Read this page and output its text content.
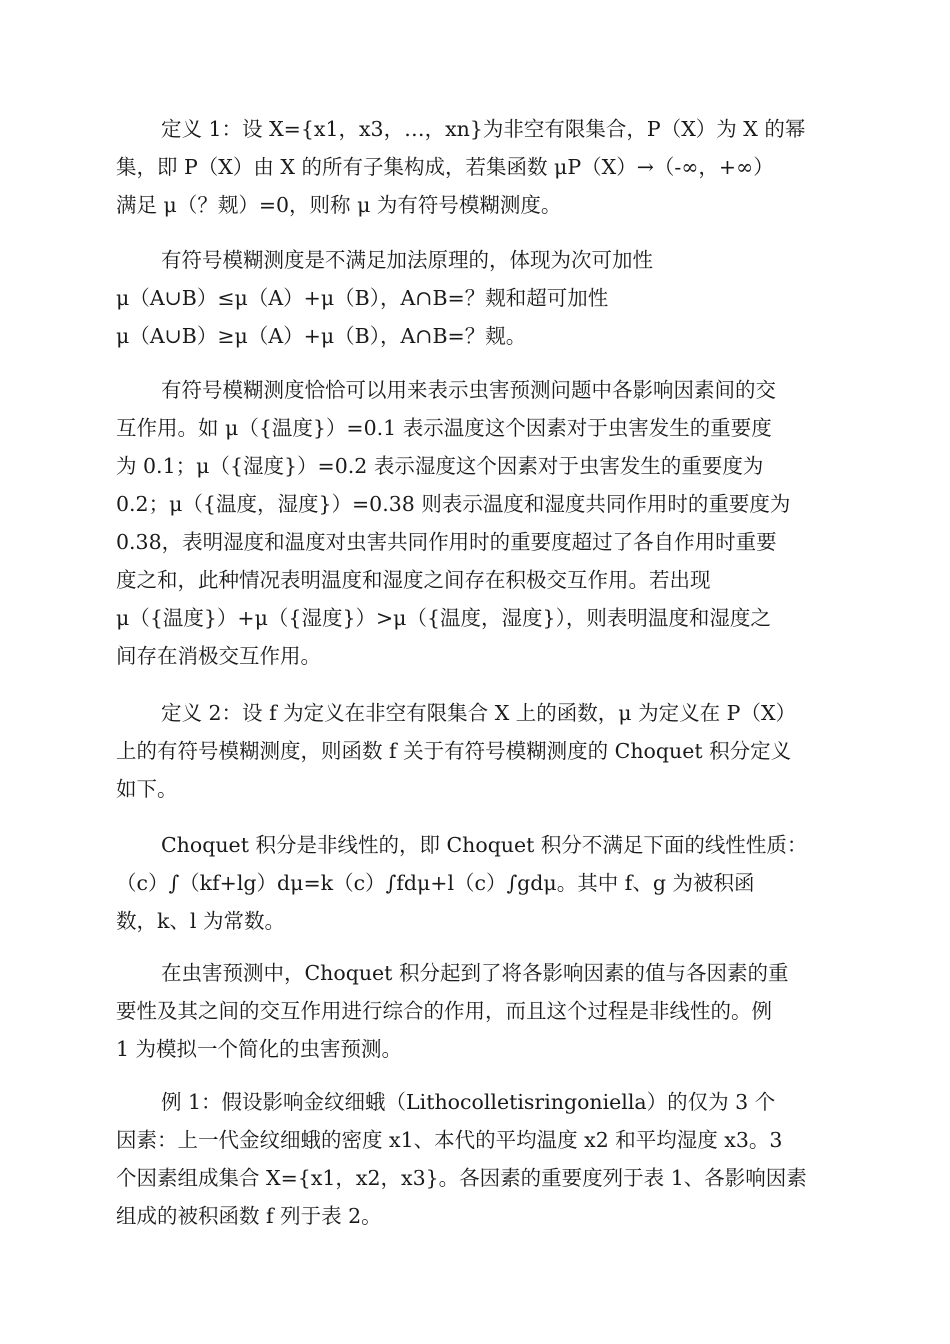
定义 1：设 X={x1，x3，…，xn}为非空有限集合，P（X）为 X 的幂
集，即 P（X）由 X 的所有子集构成，若集函数 μP（X）→（-∞，+∞）
满足 μ（？觌）=0，则称 μ 为有符号模糊测度。
有符号模糊测度是不满足加法原理的，体现为次可加性
μ（A∪B）≤μ（A）+μ（B），A∩B=？觌和超可加性
μ（A∪B）≥μ（A）+μ（B），A∩B=？觌。
有符号模糊测度恰恰可以用来表示虫害预测问题中各影响因素间的交
互作用。如 μ（{温度}）=0.1 表示温度这个因素对于虫害发生的重要度
为 0.1；μ（{湿度}）=0.2 表示湿度这个因素对于虫害发生的重要度为
0.2；μ（{温度，湿度}）=0.38 则表示温度和湿度共同作用时的重要度为
0.38，表明湿度和温度对虫害共同作用时的重要度超过了各自作用时重要
度之和，此种情况表明温度和湿度之间存在积极交互作用。若出现
μ（{温度}）+μ（{湿度}）>μ（{温度，湿度}），则表明温度和湿度之
间存在消极交互作用。
定义 2：设 f 为定义在非空有限集合 X 上的函数，μ 为定义在 P（X）
上的有符号模糊测度，则函数 f 关于有符号模糊测度的 Choquet 积分定义
如下。
Choquet 积分是非线性的，即 Choquet 积分不满足下面的线性性质：
（c）∫（kf+lg）dμ=k（c）∫fdμ+l（c）∫gdμ。其中 f、g 为被积函
数，k、l 为常数。
在虫害预测中，Choquet 积分起到了将各影响因素的值与各因素的重
要性及其之间的交互作用进行综合的作用，而且这个过程是非线性的。例
1 为模拟一个简化的虫害预测。
例 1：假设影响金纹细蛾（Lithocolletisringoniella）的仅为 3 个
因素：上一代金纹细蛾的密度 x1、本代的平均温度 x2 和平均湿度 x3。3
个因素组成集合 X={x1，x2，x3}。各因素的重要度列于表 1、各影响因素
组成的被积函数 f 列于表 2。
